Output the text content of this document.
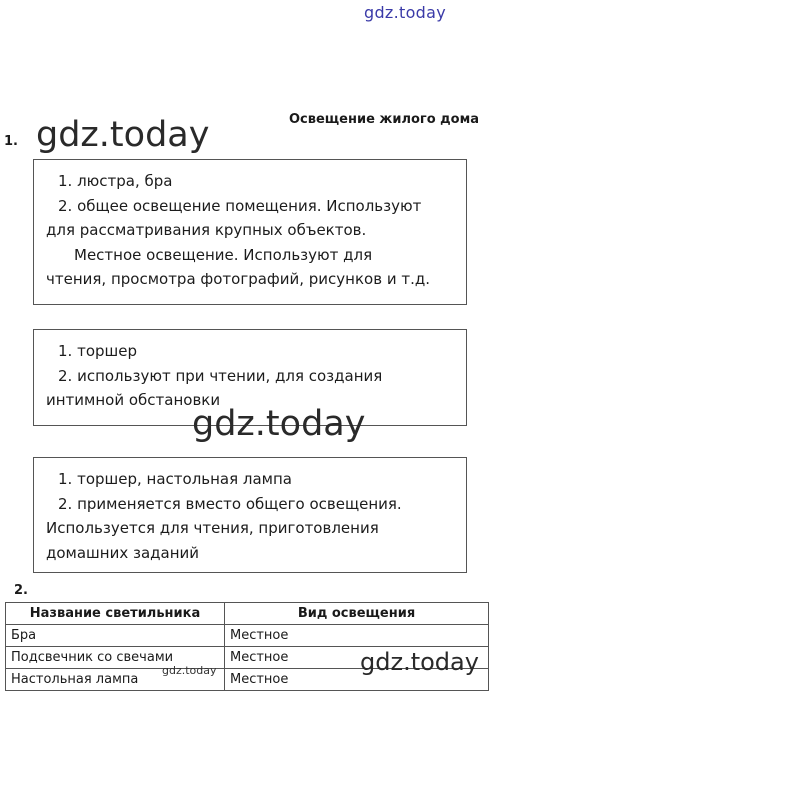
gdz.today
Освещение жилого дома
1.
1. люстра, бра
2. общее освещение помещения. Используют
для рассматривания крупных объектов.
Местное освещение. Используют для
чтения, просмотра фотографий, рисунков и т.д.
1. торшер
2. используют при чтении, для создания
интимной обстановки
1. торшер, настольная лампа
2. применяется вместо общего освещения.
Используется для чтения, приготовления
домашних заданий
2.
Название светильника	Вид освещения
Бра	Местное
Подсвечник со свечами	Местное
Настольная лампа	Местное
gdz.today
gdz.today
gdz.today
gdz.today
